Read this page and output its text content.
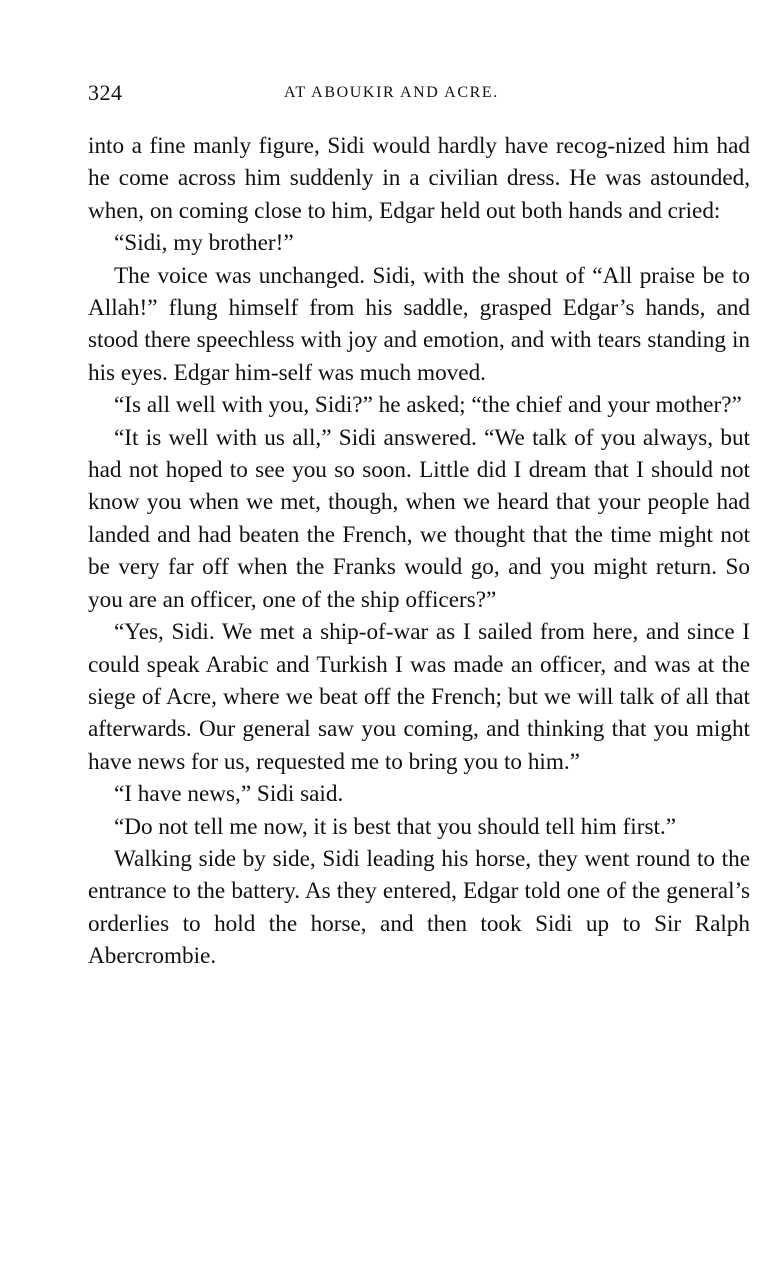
324	AT ABOUKIR AND ACRE.

into a fine manly figure, Sidi would hardly have recog-nized him had he come across him suddenly in a civilian dress. He was astounded, when, on coming close to him, Edgar held out both hands and cried:

“Sidi, my brother!”

The voice was unchanged. Sidi, with the shout of “All praise be to Allah!” flung himself from his saddle, grasped Edgar’s hands, and stood there speechless with joy and emotion, and with tears standing in his eyes. Edgar him-self was much moved.

“Is all well with you, Sidi?” he asked; “the chief and your mother?”

“It is well with us all,” Sidi answered. “We talk of you always, but had not hoped to see you so soon. Little did I dream that I should not know you when we met, though, when we heard that your people had landed and had beaten the French, we thought that the time might not be very far off when the Franks would go, and you might return. So you are an officer, one of the ship officers?”

“Yes, Sidi. We met a ship-of-war as I sailed from here, and since I could speak Arabic and Turkish I was made an officer, and was at the siege of Acre, where we beat off the French; but we will talk of all that afterwards. Our general saw you coming, and thinking that you might have news for us, requested me to bring you to him.”

“I have news,” Sidi said.

“Do not tell me now, it is best that you should tell him first.”

Walking side by side, Sidi leading his horse, they went round to the entrance to the battery. As they entered, Edgar told one of the general’s orderlies to hold the horse, and then took Sidi up to Sir Ralph Abercrombie.
